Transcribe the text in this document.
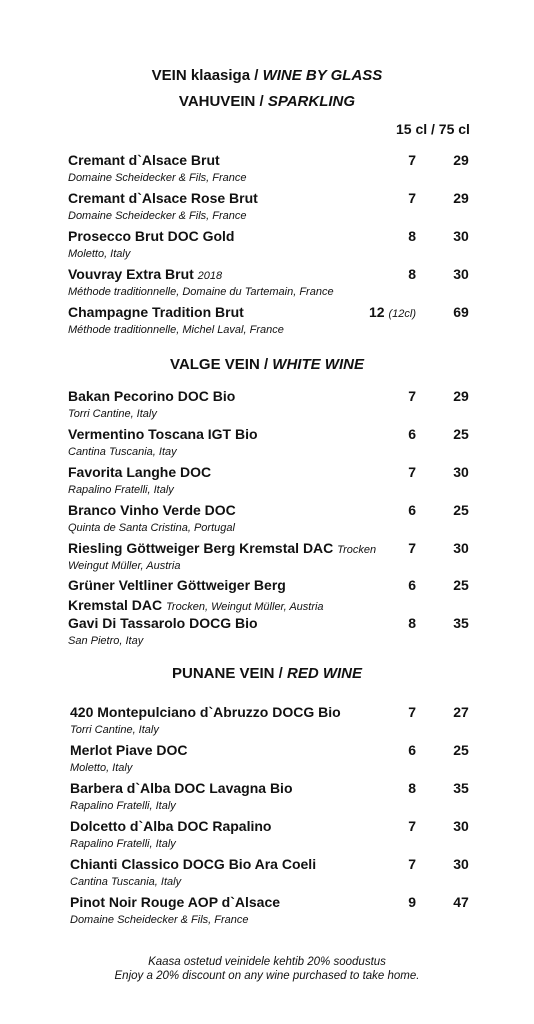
VEIN klaasiga / WINE BY GLASS
VAHUVEIN / SPARKLING
15 cl / 75 cl
Cremant d`Alsace Brut
Domaine Scheidecker & Fils, France
7	29
Cremant d`Alsace Rose Brut
Domaine Scheidecker & Fils, France
7	29
Prosecco Brut DOC Gold
Moletto, Italy
8	30
Vouvray Extra Brut 2018
Méthode traditionnelle, Domaine du Tartemain, France
8	30
Champagne Tradition Brut
Méthode traditionnelle, Michel Laval, France
12 (12cl)	69
VALGE VEIN / WHITE WINE
Bakan Pecorino DOC Bio
Torri Cantine, Italy
7	29
Vermentino Toscana IGT Bio
Cantina Tuscania, Itay
6	25
Favorita Langhe DOC
Rapalino Fratelli, Italy
7	30
Branco Vinho Verde DOC
Quinta de Santa Cristina, Portugal
6	25
Riesling Göttweiger Berg Kremstal DAC Trocken
Weingut Müller, Austria
7	30
Grüner Veltliner Göttweiger Berg
Kremstal DAC Trocken, Weingut Müller, Austria
6	25
Gavi Di Tassarolo DOCG Bio
San Pietro, Itay
8	35
PUNANE VEIN / RED WINE
420 Montepulciano d`Abruzzo DOCG Bio
Torri Cantine, Italy
7	27
Merlot Piave DOC
Moletto, Italy
6	25
Barbera d`Alba DOC Lavagna Bio
Rapalino Fratelli, Italy
8	35
Dolcetto d`Alba DOC Rapalino
Rapalino Fratelli, Italy
7	30
Chianti Classico DOCG Bio Ara Coeli
Cantina Tuscania, Italy
7	30
Pinot Noir Rouge AOP d`Alsace
Domaine Scheidecker & Fils, France
9	47
Kaasa ostetud veinidele kehtib 20% soodustus
Enjoy a 20% discount on any wine purchased to take home.
